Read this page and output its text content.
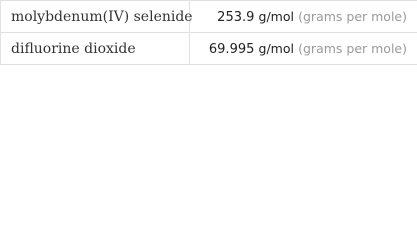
molybdenum(IV) selenide	253.9 g/mol (grams per mole)
difluorine dioxide	69.995 g/mol (grams per mole)
